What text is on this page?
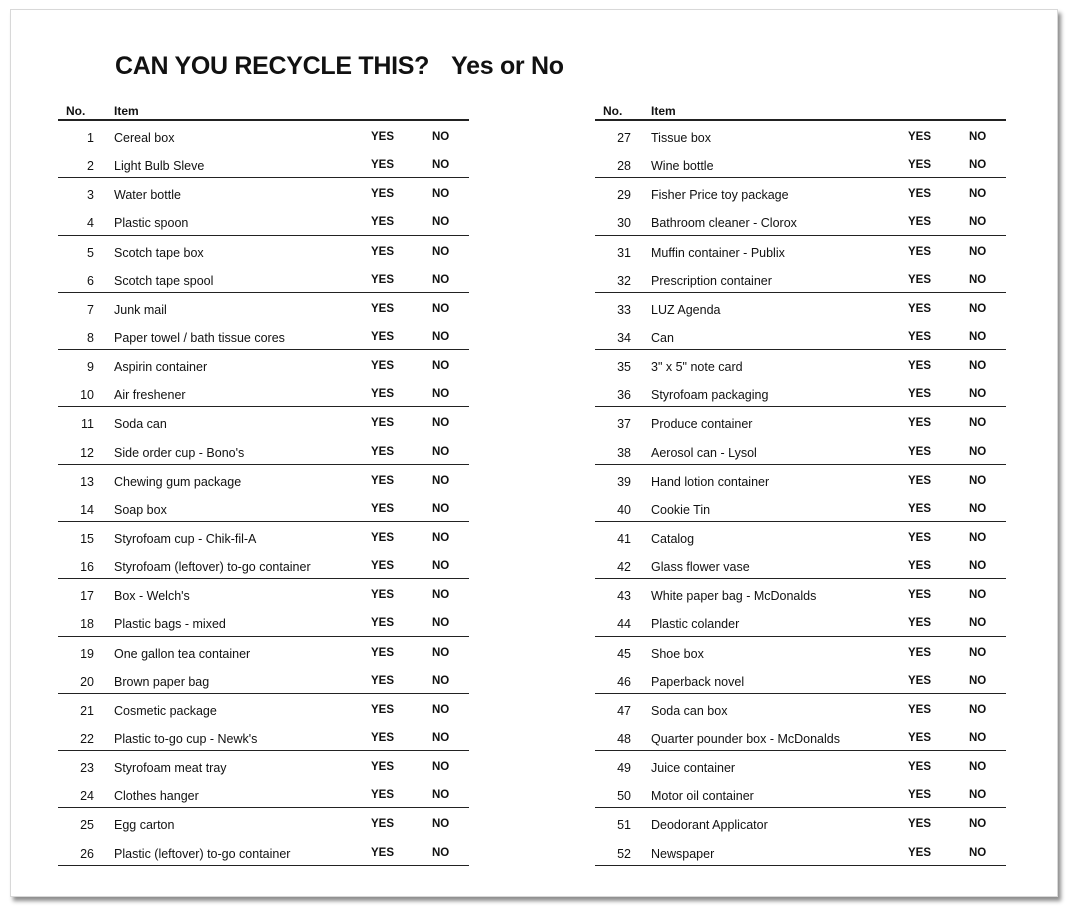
CAN YOU RECYCLE THIS? Yes or No
No. Item
1 Cereal box	YES	NO
2 Light Bulb Sleve	YES	NO
3 Water bottle	YES	NO
4 Plastic spoon	YES	NO
5 Scotch tape box	YES	NO
6 Scotch tape spool	YES	NO
7 Junk mail	YES	NO
8 Paper towel / bath tissue cores	YES	NO
9 Aspirin container	YES	NO
10 Air freshener	YES	NO
11 Soda can	YES	NO
12 Side order cup - Bono's	YES	NO
13 Chewing gum package	YES	NO
14 Soap box	YES	NO
15 Styrofoam cup - Chik-fil-A	YES	NO
16 Styrofoam (leftover) to-go container	YES	NO
17 Box - Welch's	YES	NO
18 Plastic bags - mixed	YES	NO
19 One gallon tea container	YES	NO
20 Brown paper bag	YES	NO
21 Cosmetic package	YES	NO
22 Plastic to-go cup - Newk's	YES	NO
23 Styrofoam meat tray	YES	NO
24 Clothes hanger	YES	NO
25 Egg carton	YES	NO
26 Plastic (leftover) to-go container	YES	NO
No. Item
27 Tissue box	YES	NO
28 Wine bottle	YES	NO
29 Fisher Price toy package	YES	NO
30 Bathroom cleaner - Clorox	YES	NO
31 Muffin container - Publix	YES	NO
32 Prescription container	YES	NO
33 LUZ Agenda	YES	NO
34 Can	YES	NO
35 3" x 5" note card	YES	NO
36 Styrofoam packaging	YES	NO
37 Produce container	YES	NO
38 Aerosol can - Lysol	YES	NO
39 Hand lotion container	YES	NO
40 Cookie Tin	YES	NO
41 Catalog	YES	NO
42 Glass flower vase	YES	NO
43 White paper bag - McDonalds	YES	NO
44 Plastic colander	YES	NO
45 Shoe box	YES	NO
46 Paperback novel	YES	NO
47 Soda can box	YES	NO
48 Quarter pounder box - McDonalds	YES	NO
49 Juice container	YES	NO
50 Motor oil container	YES	NO
51 Deodorant Applicator	YES	NO
52 Newspaper	YES	NO
